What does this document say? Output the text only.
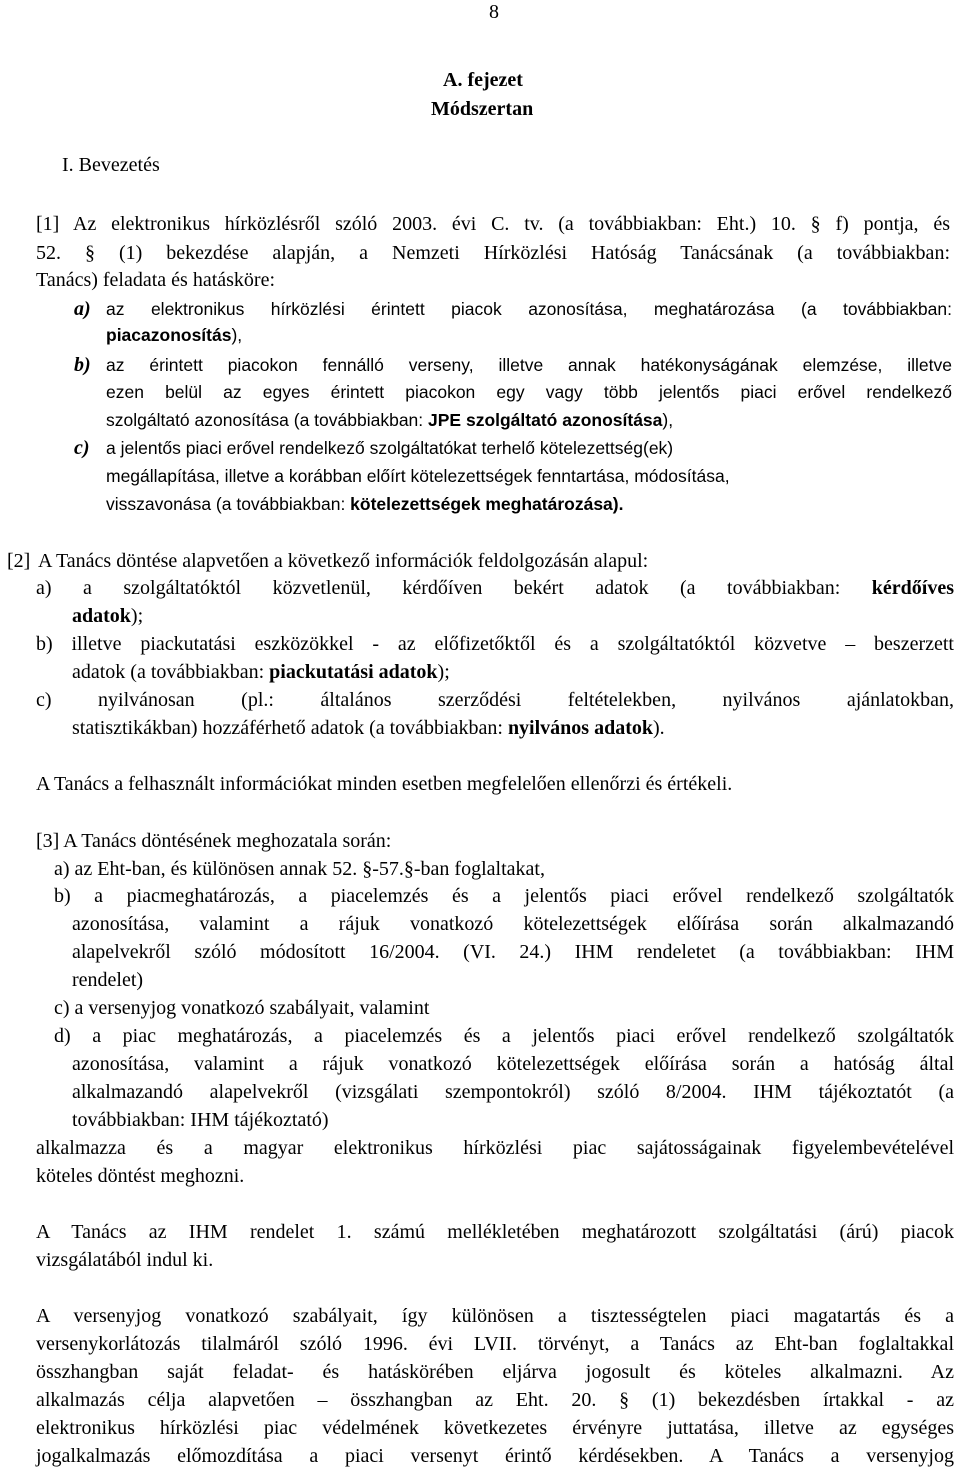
8
A. fejezet
Módszertan
I. Bevezetés
[1] Az elektronikus hírközlésről szóló 2003. évi C. tv. (a továbbiakban: Eht.) 10. § f) pontja, és
52. § (1) bekezdése alapján, a Nemzeti Hírközlési Hatóság Tanácsának (a továbbiakban:
Tanács) feladata és hatásköre:
a) az elektronikus hírközlési érintett piacok azonosítása, meghatározása (a továbbiakban:
piacazonosítás),
b) az érintett piacokon fennálló verseny, illetve annak hatékonyságának elemzése, illetve
ezen belül az egyes érintett piacokon egy vagy több jelentős piaci erővel rendelkező
szolgáltató azonosítása (a továbbiakban: JPE szolgáltató azonosítása),
c) a jelentős piaci erővel rendelkező szolgáltatókat terhelő kötelezettség(ek)
megállapítása, illetve a korábban előírt kötelezettségek fenntartása, módosítása,
visszavonása (a továbbiakban: kötelezettségek meghatározása).
[2] A Tanács döntése alapvetően a következő információk feldolgozásán alapul:
a) a szolgáltatóktól közvetlenül, kérdőíven bekért adatok (a továbbiakban: kérdőíves
adatok);
b) illetve piackutatási eszközökkel - az előfizetőktől és a szolgáltatóktól közvetve – beszerzett
adatok (a továbbiakban: piackutatási adatok);
c) nyilvánosan (pl.: általános szerződési feltételekben, nyilvános ajánlatokban,
statisztikákban) hozzáférhető adatok (a továbbiakban: nyilvános adatok).
A Tanács a felhasznált információkat minden esetben megfelelően ellenőrzi és értékeli.
[3] A Tanács döntésének meghozatala során:
a) az Eht-ban, és különösen annak 52. §-57.§-ban foglaltakat,
b) a piacmeghatározás, a piacelemzés és a jelentős piaci erővel rendelkező szolgáltatók
azonosítása, valamint a rájuk vonatkozó kötelezettségek előírása során alkalmazandó
alapelvekről szóló módosított 16/2004. (VI. 24.) IHM rendeletet (a továbbiakban: IHM
rendelet)
c) a versenyjog vonatkozó szabályait, valamint
d) a piac meghatározás, a piacelemzés és a jelentős piaci erővel rendelkező szolgáltatók
azonosítása, valamint a rájuk vonatkozó kötelezettségek előírása során a hatóság által
alkalmazandó alapelvekről (vizsgálati szempontokról) szóló 8/2004. IHM tájékoztatót (a
továbbiakban: IHM tájékoztató)
alkalmazza és a magyar elektronikus hírközlési piac sajátosságainak figyelembevételével
köteles döntést meghozni.
A Tanács az IHM rendelet 1. számú mellékletében meghatározott szolgáltatási (árú) piacok
vizsgálatából indul ki.
A versenyjog vonatkozó szabályait, így különösen a tisztességtelen piaci magatartás és a
versenykorlátozás tilalmáról szóló 1996. évi LVII. törvényt, a Tanács az Eht-ban foglaltakkal
összhangban saját feladat- és hatáskörében eljárva jogosult és köteles alkalmazni. Az
alkalmazás célja alapvetően – összhangban az Eht. 20. § (1) bekezdésben írtakkal - az
elektronikus hírközlési piac védelmének következetes érvényre juttatása, illetve az egységes
jogalkalmazás előmozdítása a piaci versenyt érintő kérdésekben. A Tanács a versenyjog
